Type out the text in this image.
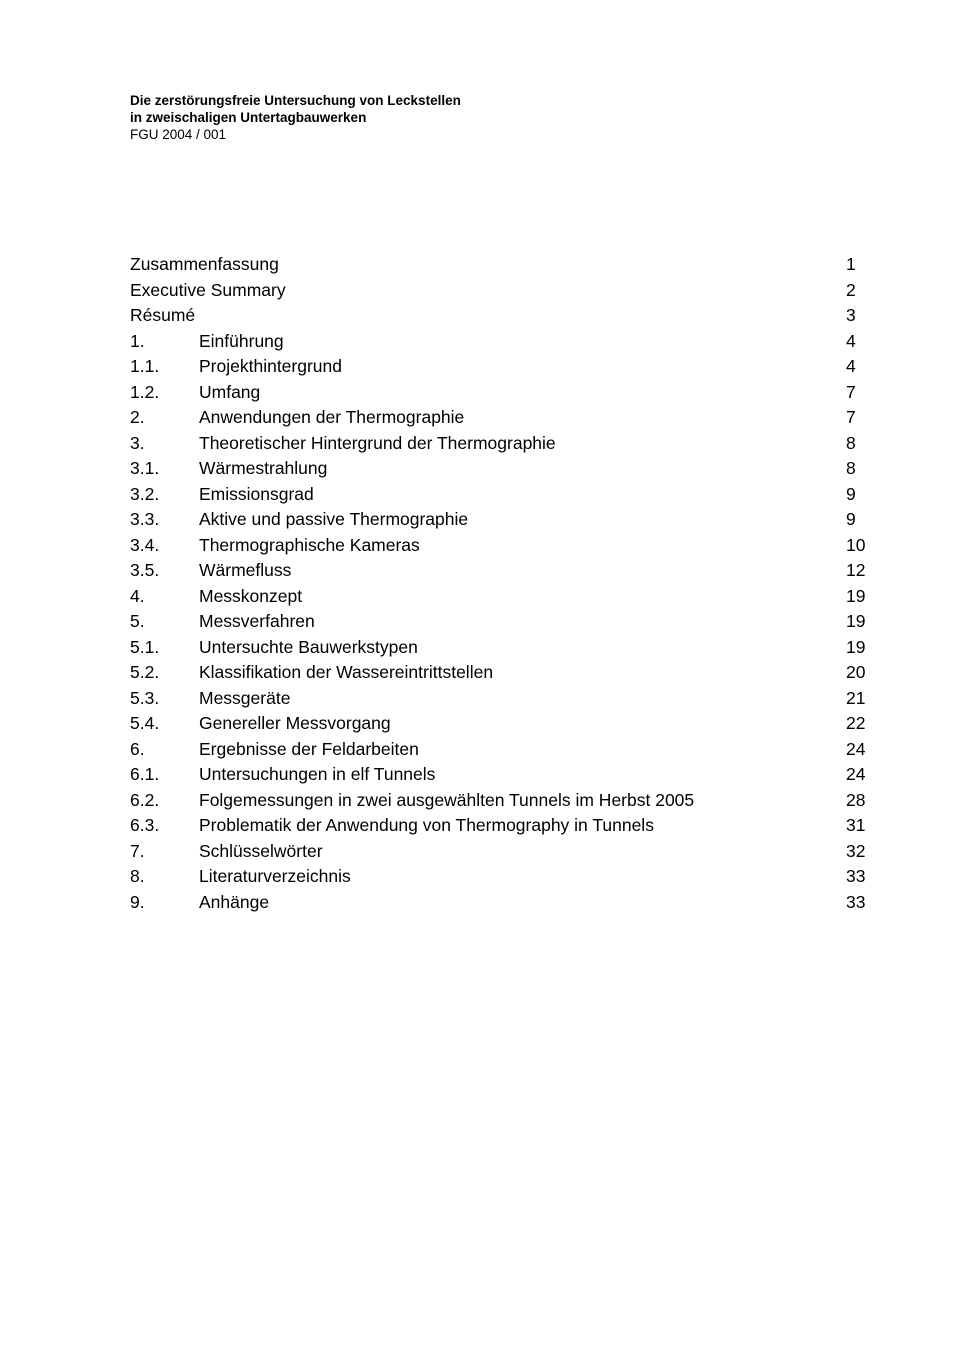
Die zerstörungsfreie Untersuchung von Leckstellen
in zweischaligen Untertagbauwerken
FGU 2004 / 001
Zusammenfassung	1
Executive Summary	2
Résumé	3
1.	Einführung	4
1.1. Projekthintergrund	4
1.2. Umfang	7
2.	Anwendungen der Thermographie	7
3.	Theoretischer Hintergrund der Thermographie	8
3.1. Wärmestrahlung	8
3.2. Emissionsgrad	9
3.3. Aktive und passive Thermographie	9
3.4. Thermographische Kameras	10
3.5. Wärmefluss	12
4.	Messkonzept	19
5.	Messverfahren	19
5.1. Untersuchte Bauwerkstypen	19
5.2. Klassifikation der Wassereintrittstellen	20
5.3. Messgeräte	21
5.4. Genereller Messvorgang	22
6.	Ergebnisse der Feldarbeiten	24
6.1. Untersuchungen in elf Tunnels	24
6.2. Folgemessungen in zwei ausgewählten Tunnels im Herbst 2005	28
6.3. Problematik der Anwendung von Thermography in Tunnels	31
7.	Schlüsselwörter	32
8.	Literaturverzeichnis	33
9.	Anhänge	33
